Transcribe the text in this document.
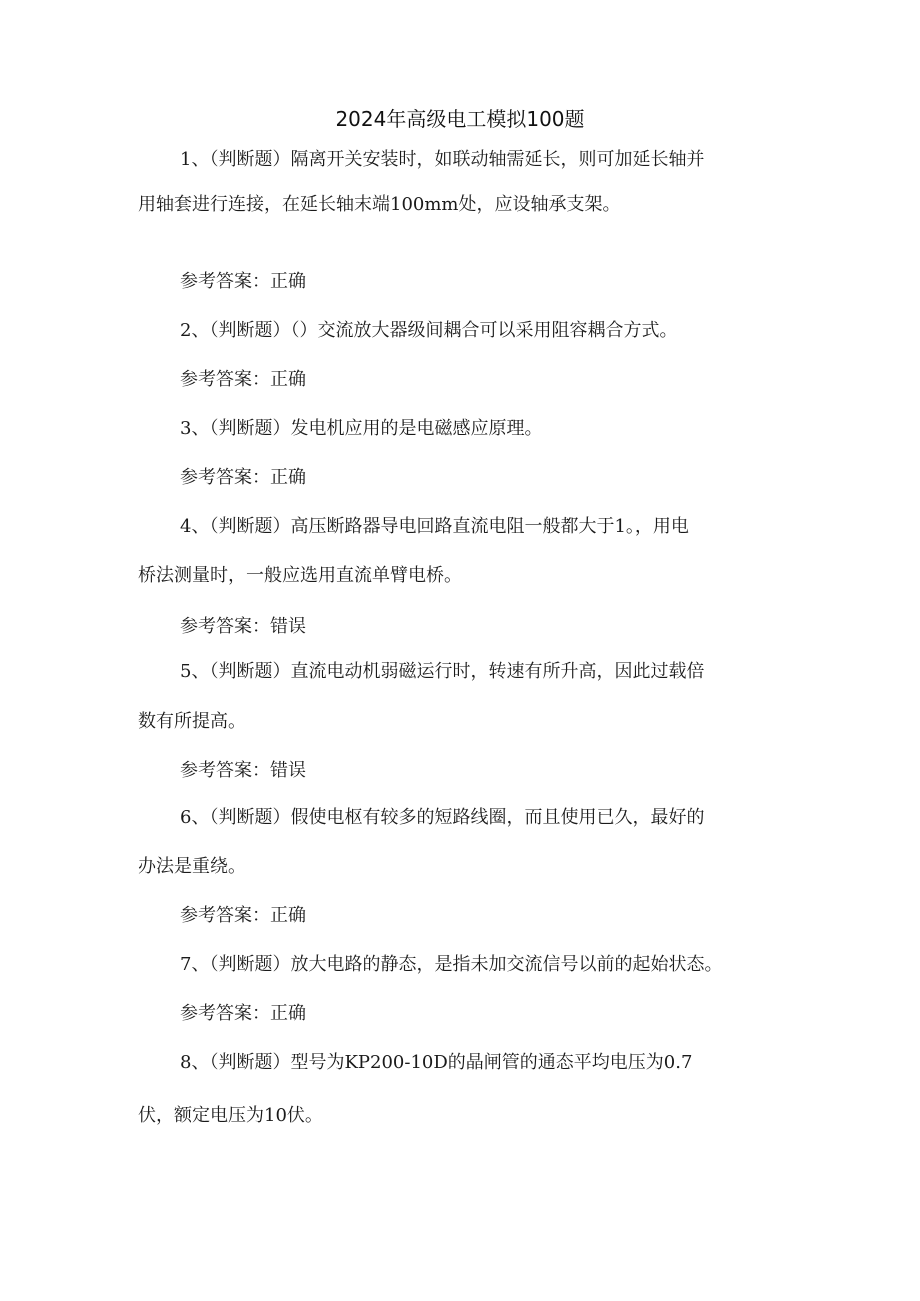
2024年高级电工模拟100题
1、（判断题）隔离开关安装时，如联动轴需延长，则可加延长轴并
用轴套进行连接，在延长轴末端100mm处，应设轴承支架。
参考答案：正确
2、（判断题）（）交流放大器级间耦合可以采用阻容耦合方式。
参考答案：正确
3、（判断题）发电机应用的是电磁感应原理。
参考答案：正确
4、（判断题）高压断路器导电回路直流电阻一般都大于1。，用电
桥法测量时，一般应选用直流单臂电桥。
参考答案：错误
5、（判断题）直流电动机弱磁运行时，转速有所升高，因此过载倍
数有所提高。
参考答案：错误
6、（判断题）假使电枢有较多的短路线圈，而且使用已久，最好的
办法是重绕。
参考答案：正确
7、（判断题）放大电路的静态，是指未加交流信号以前的起始状态。
参考答案：正确
8、（判断题）型号为KP200-10D的晶闸管的通态平均电压为0.7
伏，额定电压为10伏。
